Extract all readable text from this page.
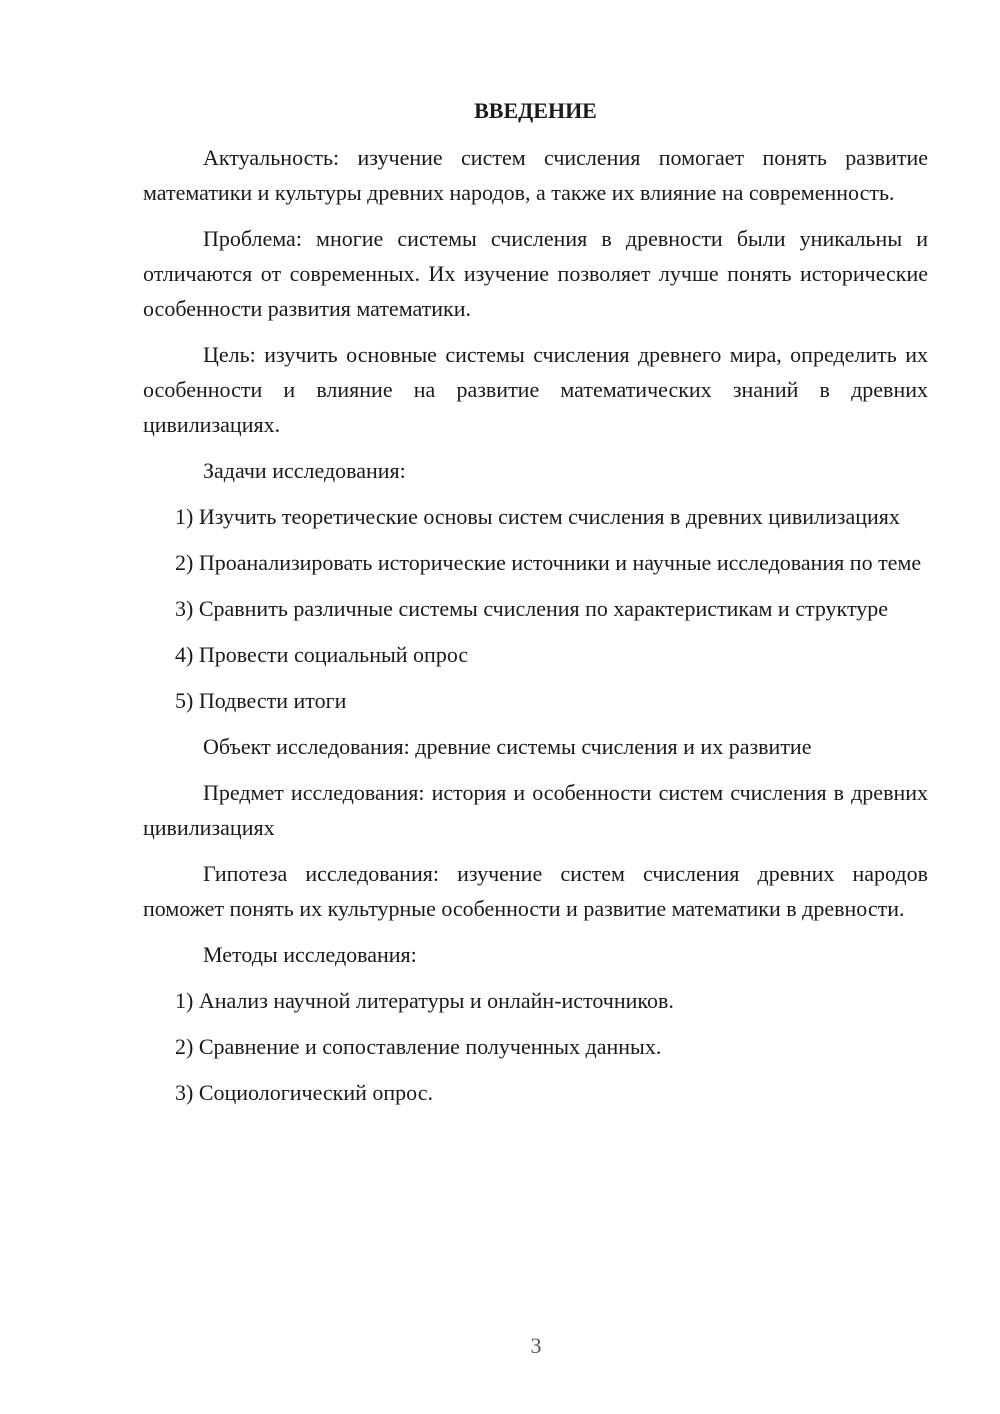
ВВЕДЕНИЕ

Актуальность: изучение систем счисления помогает понять развитие математики и культуры древних народов, а также их влияние на современность.

Проблема: многие системы счисления в древности были уникальны и отличаются от современных. Их изучение позволяет лучше понять исторические особенности развития математики.

Цель: изучить основные системы счисления древнего мира, определить их особенности и влияние на развитие математических знаний в древних цивилизациях.

Задачи исследования:

1) Изучить теоретические основы систем счисления в древних цивилизациях

2) Проанализировать исторические источники и научные исследования по теме

3) Сравнить различные системы счисления по характеристикам и структуре

4) Провести социальный опрос

5) Подвести итоги

Объект исследования: древние системы счисления и их развитие

Предмет исследования: история и особенности систем счисления в древних цивилизациях

Гипотеза исследования: изучение систем счисления древних народов поможет понять их культурные особенности и развитие математики в древности.

Методы исследования:

1) Анализ научной литературы и онлайн-источников.

2) Сравнение и сопоставление полученных данных.

3) Социологический опрос.

3
